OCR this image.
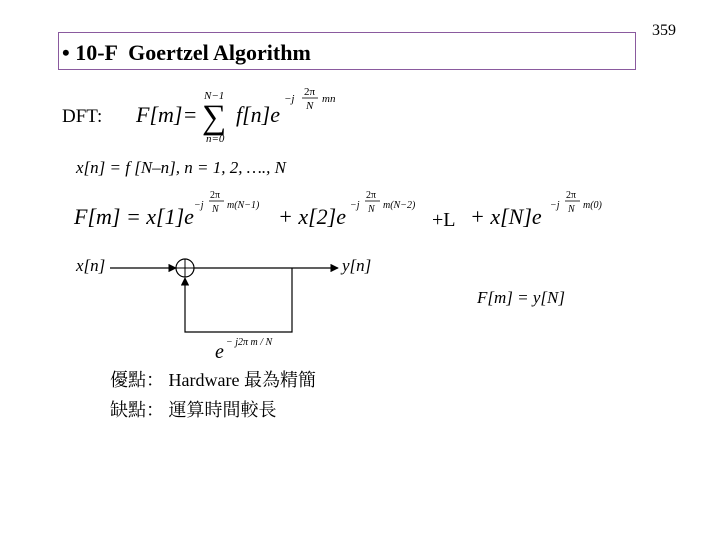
359
• 10-F  Goertzel Algorithm
DFT: F[m] =
N−1
∑
n=0
f[n]e
−j
2π
N
mn
x[n] = f [N–n], n = 1, 2, …., N
F[m] = x[1]e −j
2π
N m(N−1) + x[2]e −j
2π
N m(N−2)
+L + x[N]e −j
2π
N m(0)
x[n]	y[n]
e − j2π m / N
F[m] = y[N]
優點： Hardware 最為精簡
缺點： 運算時間較長
